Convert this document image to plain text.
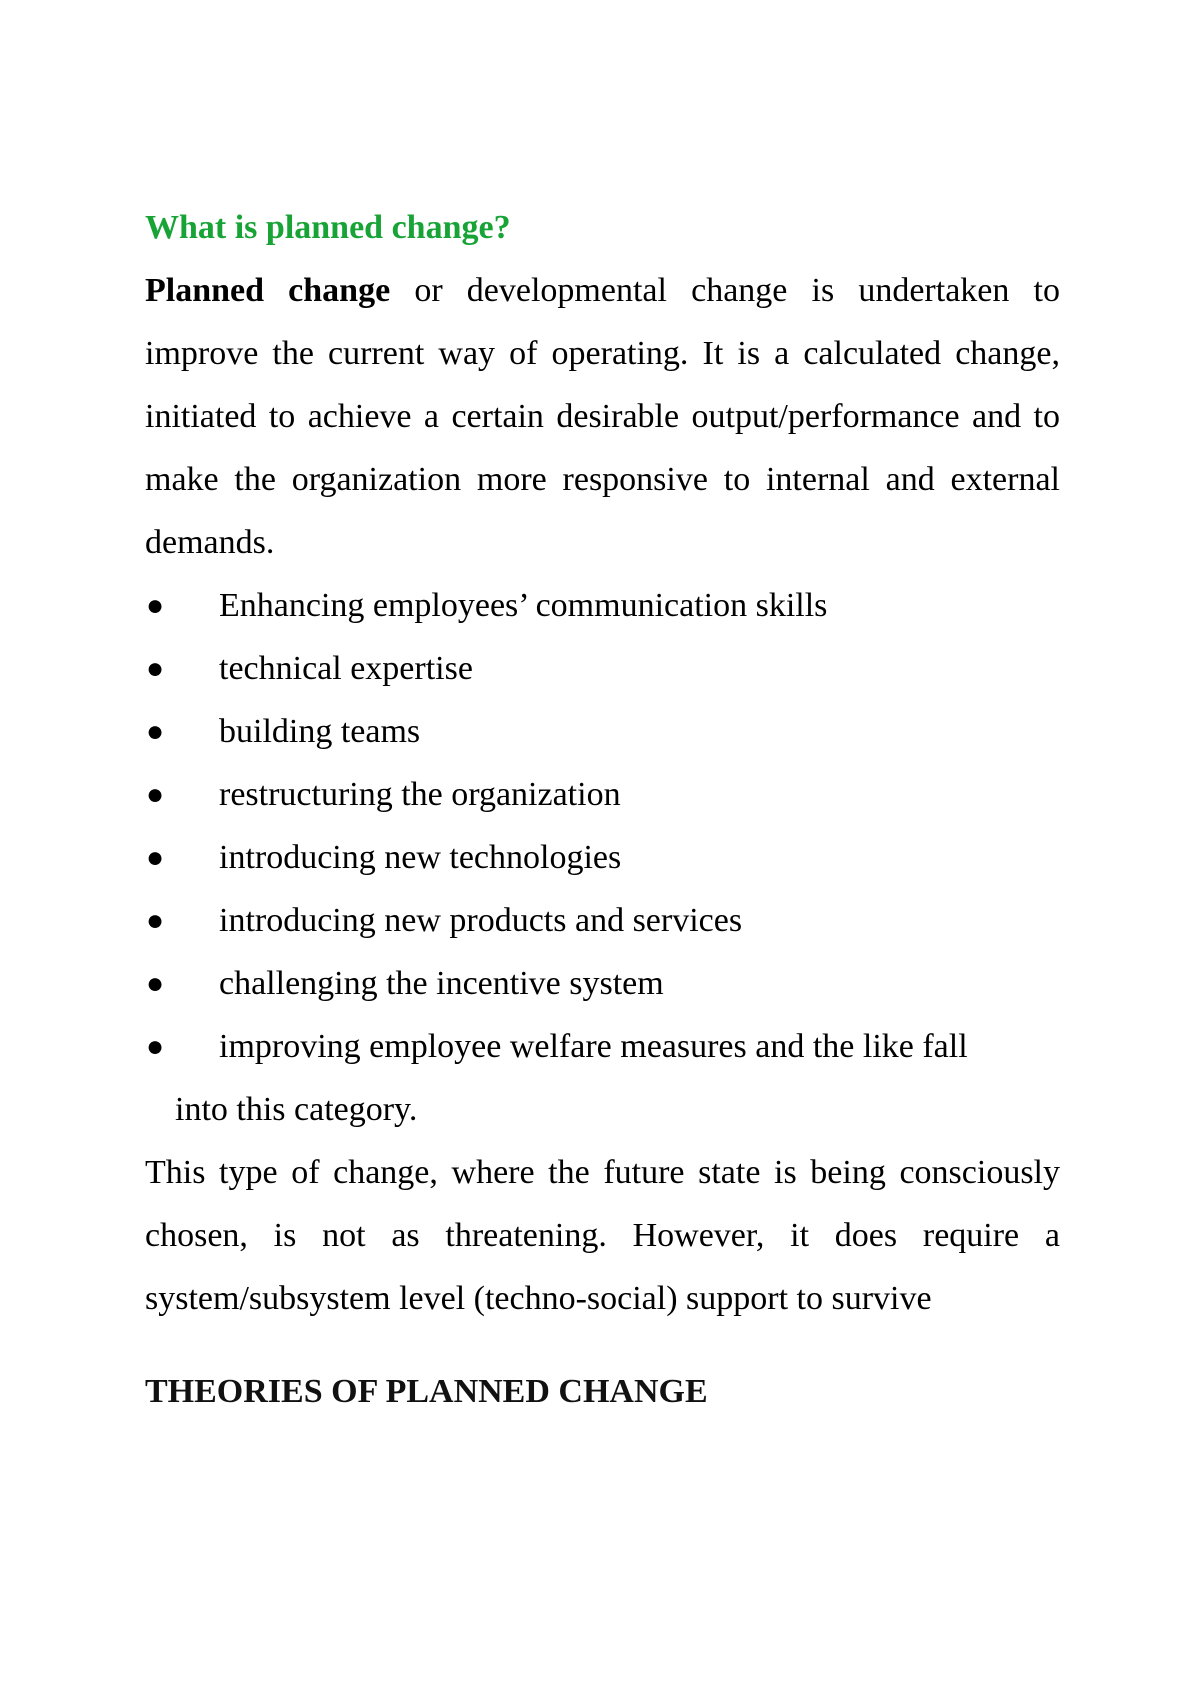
What is planned change?

Planned change or developmental change is undertaken to improve the current way of operating. It is a calculated change, initiated to achieve a certain desirable output/performance and to make the organization more responsive to internal and external demands.

● Enhancing employees’ communication skills
● technical expertise
● building teams
● restructuring the organization
● introducing new technologies
● introducing new products and services
● challenging the incentive system
● improving employee welfare measures and the like fall
into this category.

This type of change, where the future state is being consciously chosen, is not as threatening. However, it does require a system/subsystem level (techno-social) support to survive

THEORIES OF PLANNED CHANGE
